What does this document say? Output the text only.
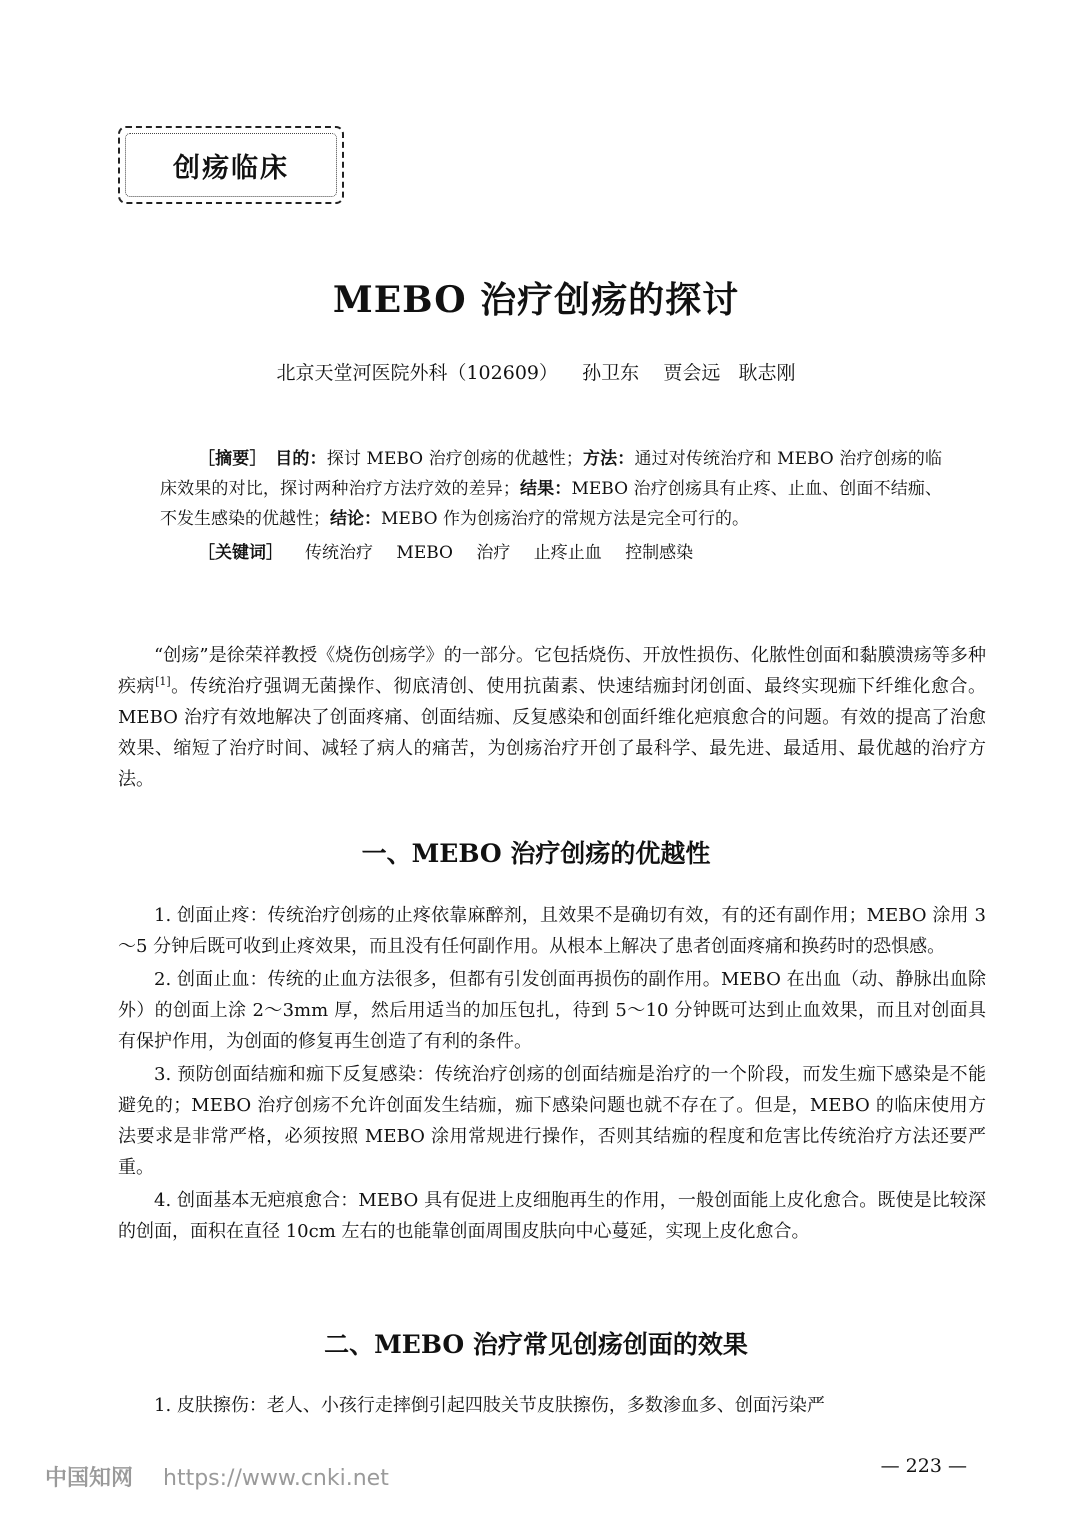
创疡临床
MEBO 治疗创疡的探讨
北京天堂河医院外科（102609） 孙卫东 贾会远 耿志刚

［摘要］　 目的：探讨 MEBO 治疗创疡的优越性；方法：通过对传统治疗和 MEBO 治疗创疡的临床效果的对比，探讨两种治疗方法疗效的差异；结果：MEBO 治疗创疡具有止疼、止血、创面不结痂、不发生感染的优越性；结论：MEBO 作为创疡治疗的常规方法是完全可行的。

［关键词］ 传统治疗 MEBO 治疗 止疼止血 控制感染

“创疡”是徐荣祥教授《烧伤创疡学》的一部分。它包括烧伤、开放性损伤、化脓性创面和黏膜溃疡等多种疾病[1]。传统治疗强调无菌操作、彻底清创、使用抗菌素、快速结痂封闭创面、最终实现痂下纤维化愈合。MEBO 治疗有效地解决了创面疼痛、创面结痂、反复感染和创面纤维化疤痕愈合的问题。有效的提高了治愈效果、缩短了治疗时间、减轻了病人的痛苦，为创疡治疗开创了最科学、最先进、最适用、最优越的治疗方法。

一、MEBO 治疗创疡的优越性

1. 创面止疼：传统治疗创疡的止疼依靠麻醉剂，且效果不是确切有效，有的还有副作用；MEBO 涂用 3～5 分钟后既可收到止疼效果，而且没有任何副作用。从根本上解决了患者创面疼痛和换药时的恐惧感。

2. 创面止血：传统的止血方法很多，但都有引发创面再损伤的副作用。MEBO 在出血（动、静脉出血除外）的创面上涂 2～3mm 厚，然后用适当的加压包扎，待到 5～10 分钟既可达到止血效果，而且对创面具有保护作用，为创面的修复再生创造了有利的条件。

3. 预防创面结痂和痂下反复感染：传统治疗创疡的创面结痂是治疗的一个阶段，而发生痂下感染是不能避免的；MEBO 治疗创疡不允许创面发生结痂，痂下感染问题也就不存在了。但是，MEBO 的临床使用方法要求是非常严格，必须按照 MEBO 涂用常规进行操作，否则其结痂的程度和危害比传统治疗方法还要严重。

4. 创面基本无疤痕愈合：MEBO 具有促进上皮细胞再生的作用，一般创面能上皮化愈合。既使是比较深的创面，面积在直径 10cm 左右的也能靠创面周围皮肤向中心蔓延，实现上皮化愈合。

二、MEBO 治疗常见创疡创面的效果

1. 皮肤擦伤：老人、小孩行走摔倒引起四肢关节皮肤擦伤，多数渗血多、创面污染严

— 223 —
中国知网 https://www.cnki.net
